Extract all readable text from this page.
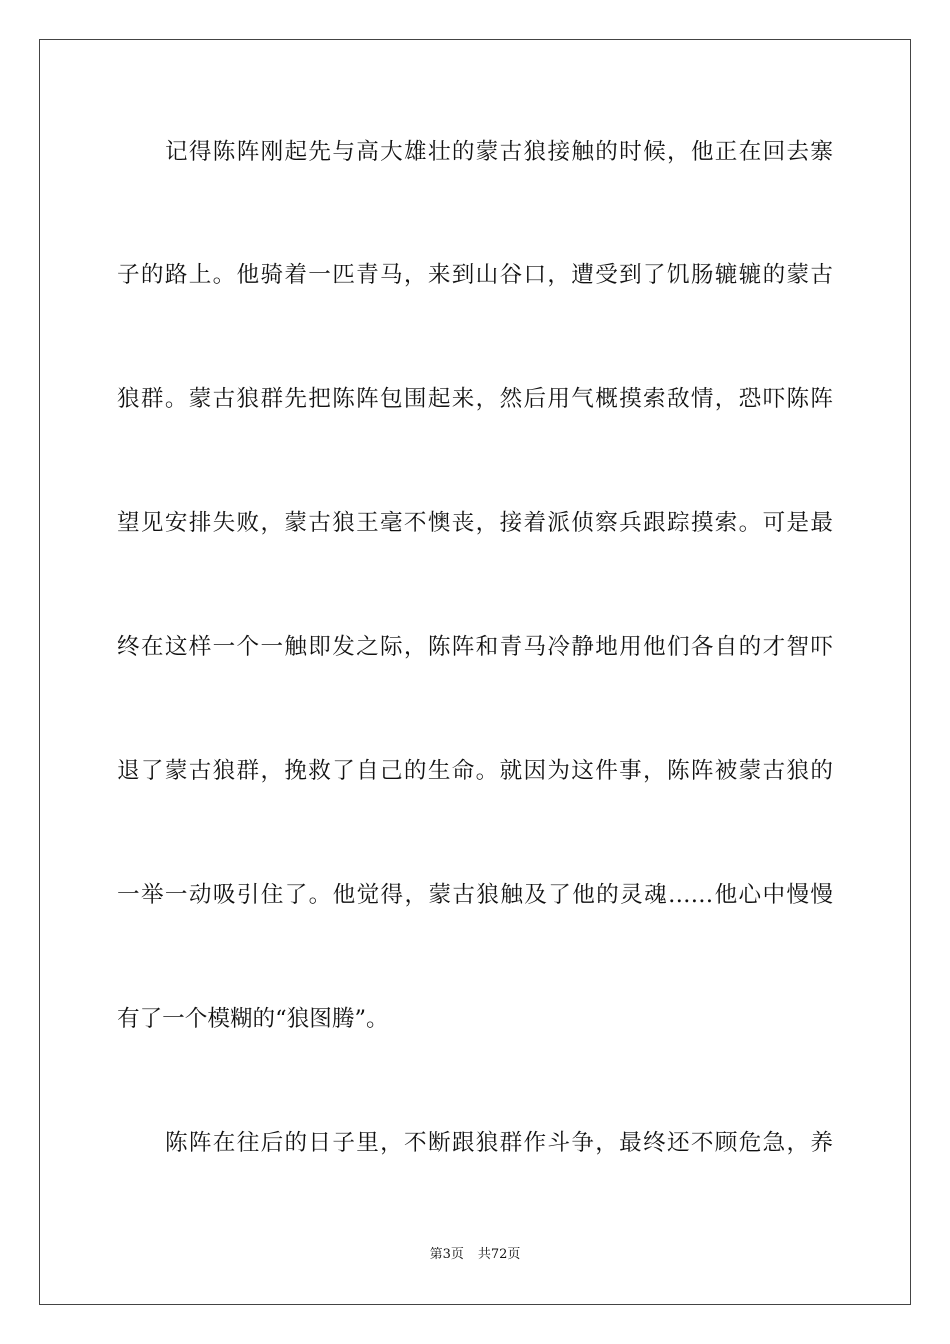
记得陈阵刚起先与高大雄壮的蒙古狼接触的时候，他正在回去寨
子的路上。他骑着一匹青马，来到山谷口，遭受到了饥肠辘辘的蒙古
狼群。蒙古狼群先把陈阵包围起来，然后用气概摸索敌情，恐吓陈阵
望见安排失败，蒙古狼王毫不懊丧，接着派侦察兵跟踪摸索。可是最
终在这样一个一触即发之际，陈阵和青马冷静地用他们各自的才智吓
退了蒙古狼群，挽救了自己的生命。就因为这件事，陈阵被蒙古狼的
一举一动吸引住了。他觉得，蒙古狼触及了他的灵魂……他心中慢慢
有了一个模糊的“狼图腾”。
陈阵在往后的日子里，不断跟狼群作斗争，最终还不顾危急，养
第3页 共72页
